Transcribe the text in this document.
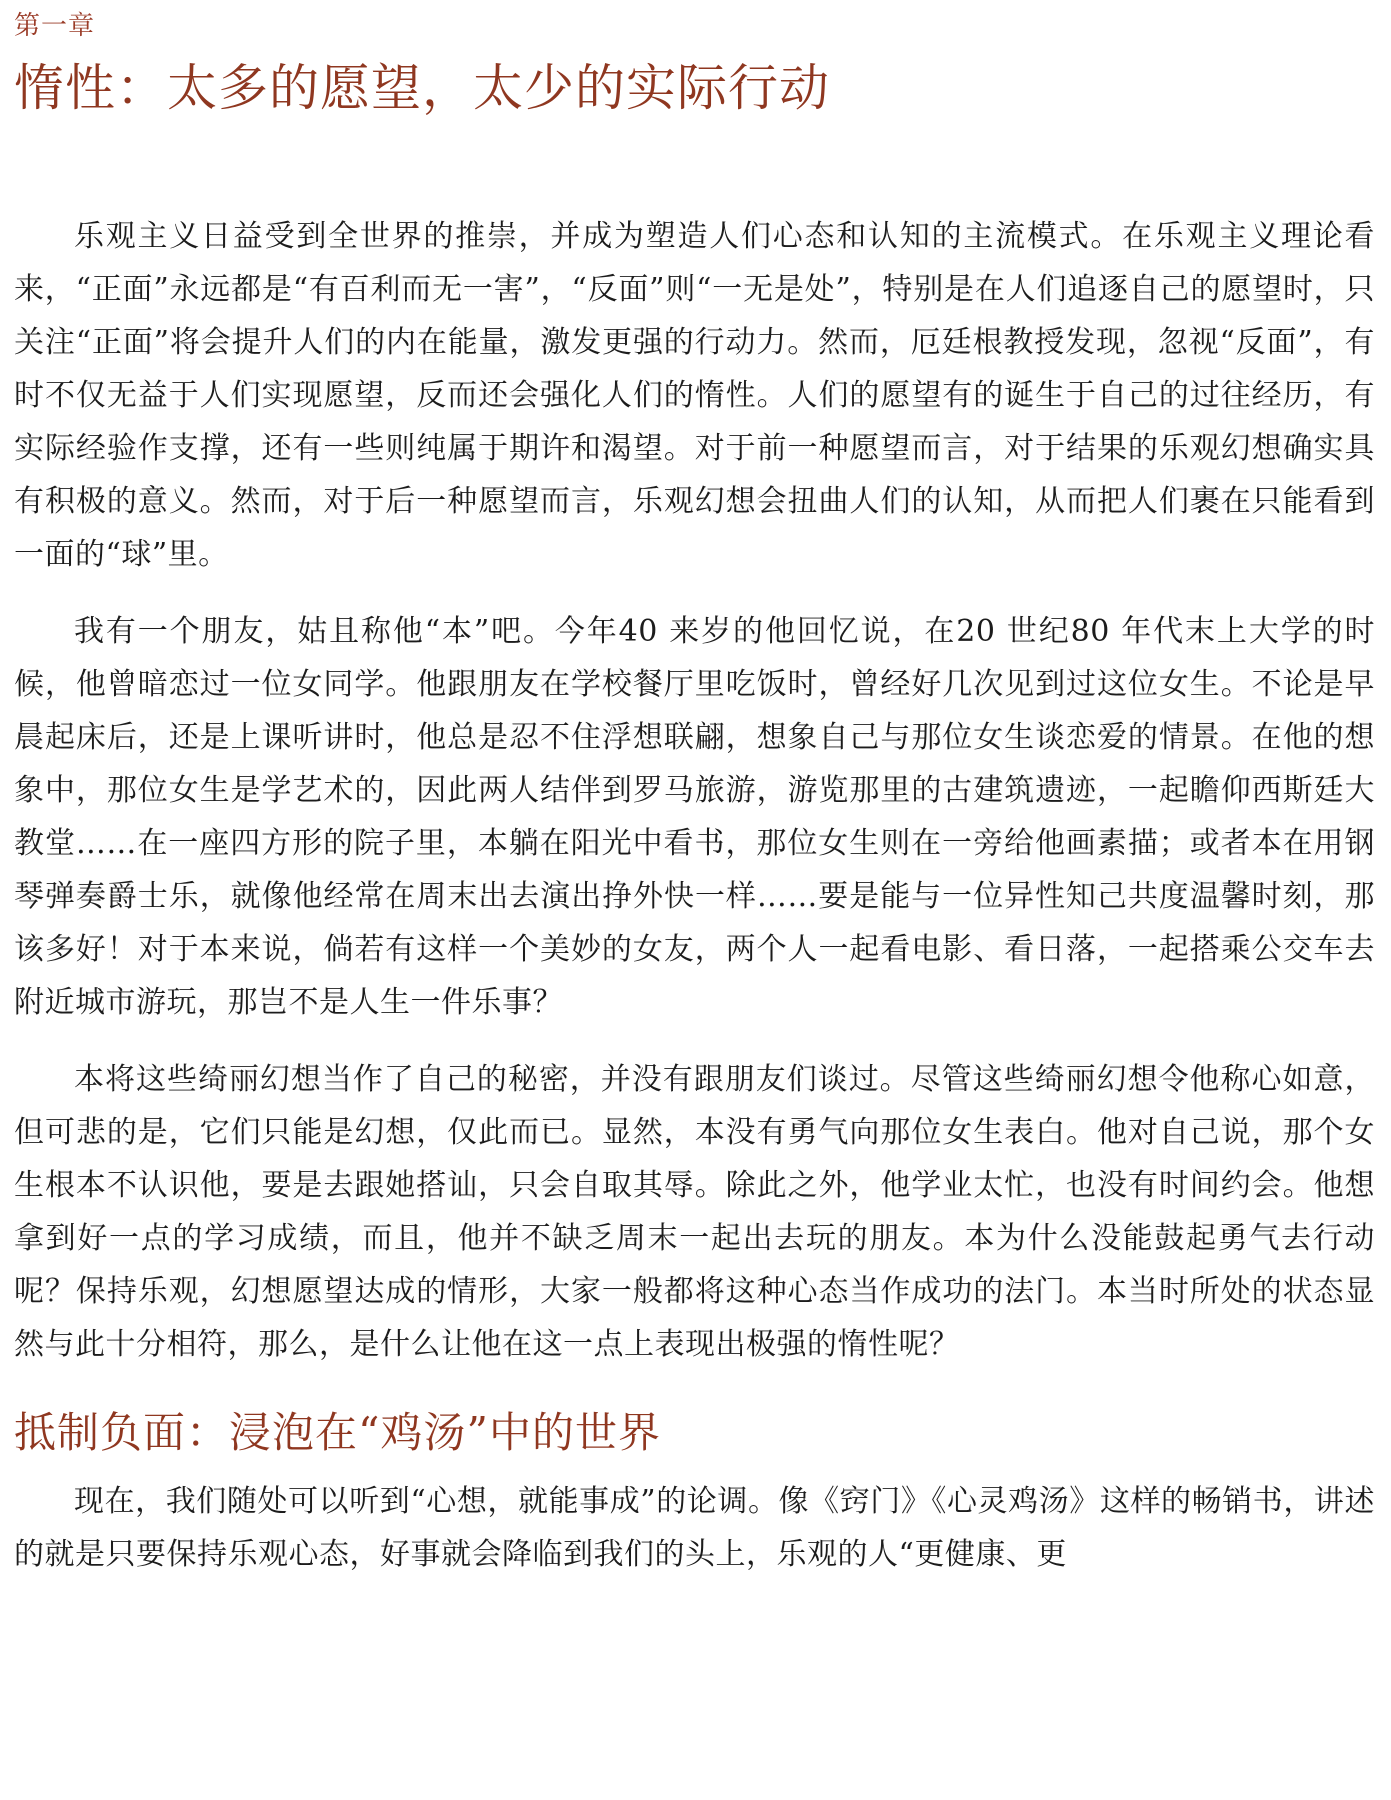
第一章
惰性：太多的愿望，太少的实际行动

乐观主义日益受到全世界的推崇，并成为塑造人们心态和认知的主流模式。在乐观主义理论看来，“正面”永远都是“有百利而无一害”，“反面”则“一无是处”，特别是在人们追逐自己的愿望时，只关注“正面”将会提升人们的内在能量，激发更强的行动力。然而，厄廷根教授发现，忽视“反面”，有时不仅无益于人们实现愿望，反而还会强化人们的惰性。人们的愿望有的诞生于自己的过往经历，有实际经验作支撑，还有一些则纯属于期许和渴望。对于前一种愿望而言，对于结果的乐观幻想确实具有积极的意义。然而，对于后一种愿望而言，乐观幻想会扭曲人们的认知，从而把人们裹在只能看到一面的“球”里。

我有一个朋友，姑且称他“本”吧。今年40 来岁的他回忆说，在20 世纪80 年代末上大学的时候，他曾暗恋过一位女同学。他跟朋友在学校餐厅里吃饭时，曾经好几次见到过这位女生。不论是早晨起床后，还是上课听讲时，他总是忍不住浮想联翩，想象自己与那位女生谈恋爱的情景。在他的想象中，那位女生是学艺术的，因此两人结伴到罗马旅游，游览那里的古建筑遗迹，一起瞻仰西斯廷大教堂……在一座四方形的院子里，本躺在阳光中看书，那位女生则在一旁给他画素描；或者本在用钢琴弹奏爵士乐，就像他经常在周末出去演出挣外快一样……要是能与一位异性知己共度温馨时刻，那该多好！对于本来说，倘若有这样一个美妙的女友，两个人一起看电影、看日落，一起搭乘公交车去附近城市游玩，那岂不是人生一件乐事？

本将这些绮丽幻想当作了自己的秘密，并没有跟朋友们谈过。尽管这些绮丽幻想令他称心如意，但可悲的是，它们只能是幻想，仅此而已。显然，本没有勇气向那位女生表白。他对自己说，那个女生根本不认识他，要是去跟她搭讪，只会自取其辱。除此之外，他学业太忙，也没有时间约会。他想拿到好一点的学习成绩，而且，他并不缺乏周末一起出去玩的朋友。本为什么没能鼓起勇气去行动呢？保持乐观，幻想愿望达成的情形，大家一般都将这种心态当作成功的法门。本当时所处的状态显然与此十分相符，那么，是什么让他在这一点上表现出极强的惰性呢？

抵制负面：浸泡在“鸡汤”中的世界

现在，我们随处可以听到“心想，就能事成”的论调。像《窍门》《心灵鸡汤》这样的畅销书，讲述的就是只要保持乐观心态，好事就会降临到我们的头上，乐观的人“更健康、更
